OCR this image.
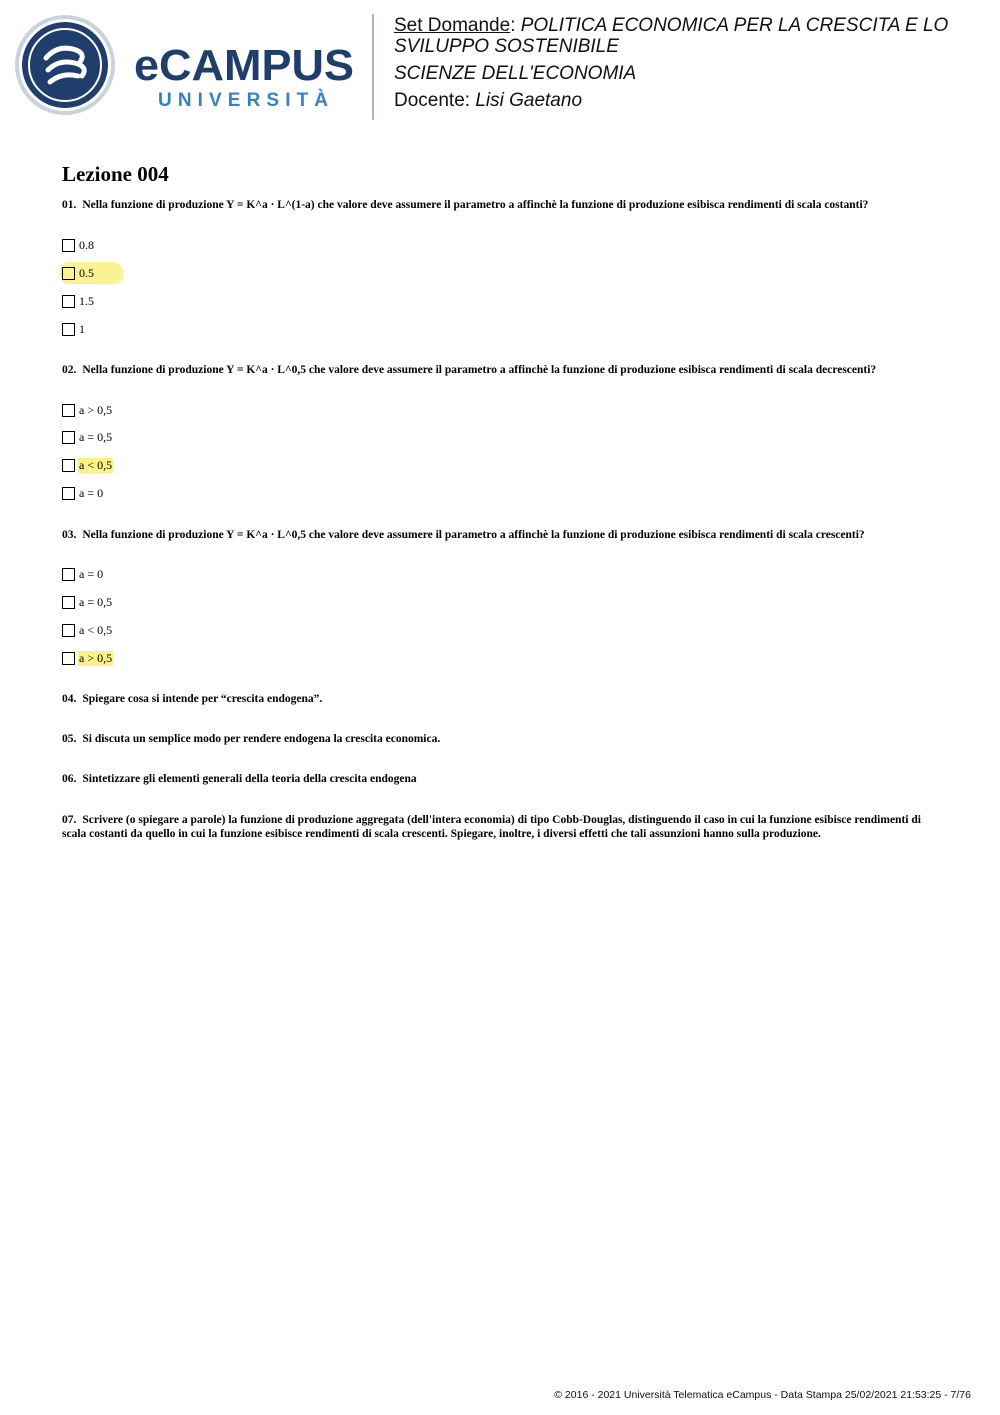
eCAMPUS
UNIVERSITÀ
Set Domande: POLITICA ECONOMICA PER LA CRESCITA E LO
SVILUPPO SOSTENIBILE
SCIENZE DELL'ECONOMIA
Docente: Lisi Gaetano
Lezione 004
01. Nella funzione di produzione Y = K^a · L^(1-a) che valore deve assumere il parametro a affinchè la funzione di produzione esibisca rendimenti di scala costanti?
0.8
0.5
1.5
1
02. Nella funzione di produzione Y = K^a · L^0,5 che valore deve assumere il parametro a affinchè la funzione di produzione esibisca rendimenti di scala decrescenti?
a > 0,5
a = 0,5
a < 0,5
a = 0
03. Nella funzione di produzione Y = K^a · L^0,5 che valore deve assumere il parametro a affinchè la funzione di produzione esibisca rendimenti di scala crescenti?
a = 0
a = 0,5
a < 0,5
a > 0,5
04. Spiegare cosa si intende per “crescita endogena”.
05. Si discuta un semplice modo per rendere endogena la crescita economica.
06. Sintetizzare gli elementi generali della teoria della crescita endogena
07. Scrivere (o spiegare a parole) la funzione di produzione aggregata (dell'intera economia) di tipo Cobb-Douglas, distinguendo il caso in cui la funzione esibisce rendimenti di scala costanti da quello in cui la funzione esibisce rendimenti di scala crescenti. Spiegare, inoltre, i diversi effetti che tali assunzioni hanno sulla produzione.
© 2016 - 2021 Università Telematica eCampus - Data Stampa 25/02/2021 21:53:25 - 7/76
